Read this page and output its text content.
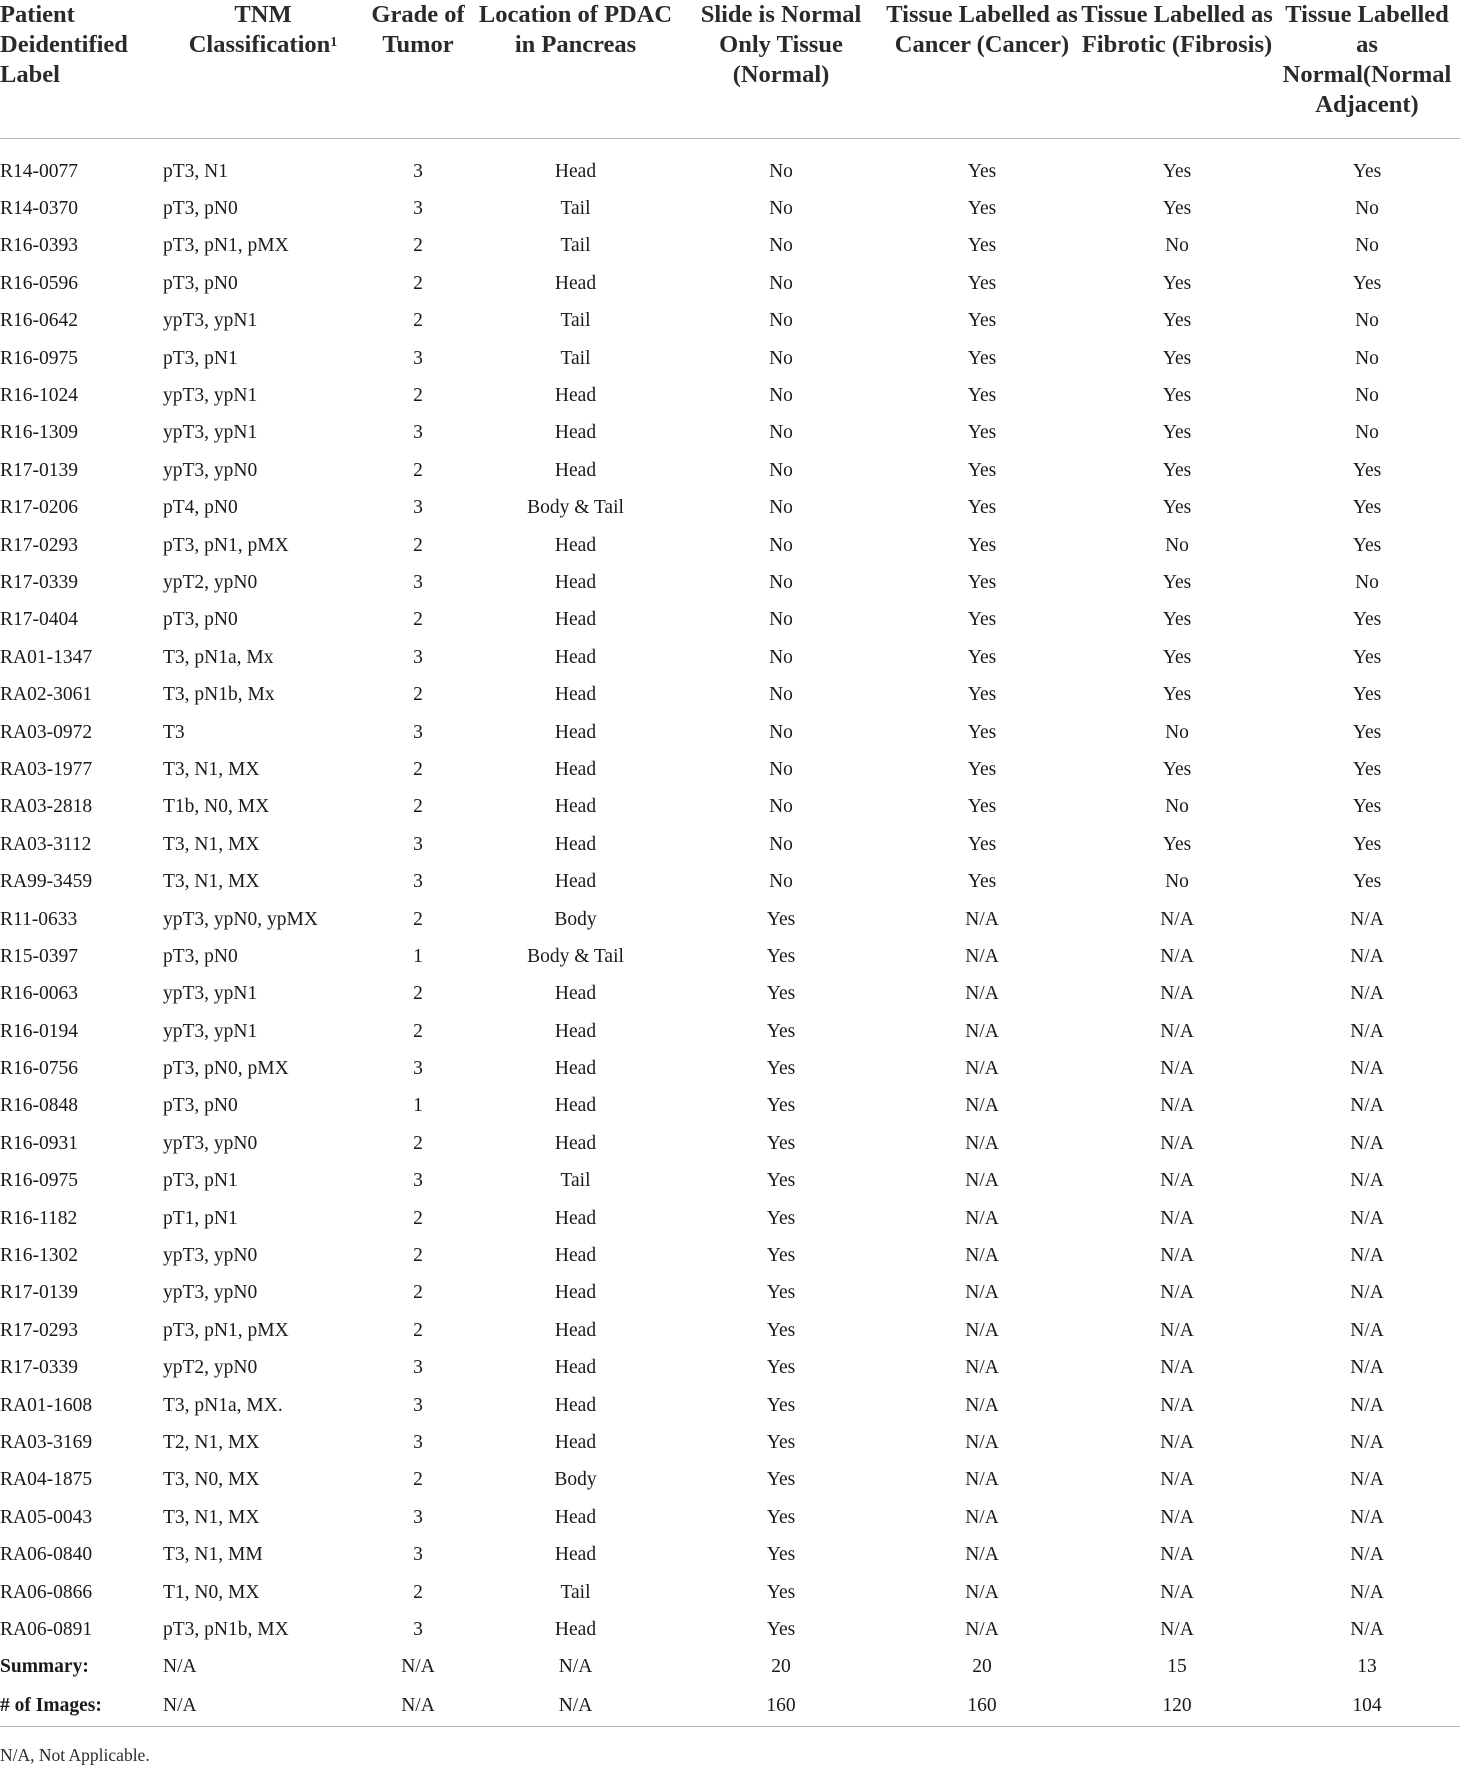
Patient Deidentified Label	TNM Classification$^1$	Grade of Tumor	Location of PDAC in Pancreas	Slide is Normal Only Tissue (Normal)	Tissue Labelled as Cancer (Cancer)	Tissue Labelled as Fibrotic (Fibrosis)	Tissue Labelled as Normal(Normal Adjacent)

R14-0077	pT3, N1	3	Head	No	Yes	Yes	Yes
R14-0370	pT3, pN0	3	Tail	No	Yes	Yes	No
R16-0393	pT3, pN1, pMX	2	Tail	No	Yes	No	No
R16-0596	pT3, pN0	2	Head	No	Yes	Yes	Yes
R16-0642	ypT3, ypN1	2	Tail	No	Yes	Yes	No
R16-0975	pT3, pN1	3	Tail	No	Yes	Yes	No
R16-1024	ypT3, ypN1	2	Head	No	Yes	Yes	No
R16-1309	ypT3, ypN1	3	Head	No	Yes	Yes	No
R17-0139	ypT3, ypN0	2	Head	No	Yes	Yes	Yes
R17-0206	pT4, pN0	3	Body & Tail	No	Yes	Yes	Yes
R17-0293	pT3, pN1, pMX	2	Head	No	Yes	No	Yes
R17-0339	ypT2, ypN0	3	Head	No	Yes	Yes	No
R17-0404	pT3, pN0	2	Head	No	Yes	Yes	Yes
RA01-1347	T3, pN1a, Mx	3	Head	No	Yes	Yes	Yes
RA02-3061	T3, pN1b, Mx	2	Head	No	Yes	Yes	Yes
RA03-0972	T3	3	Head	No	Yes	No	Yes
RA03-1977	T3, N1, MX	2	Head	No	Yes	Yes	Yes
RA03-2818	T1b, N0, MX	2	Head	No	Yes	No	Yes
RA03-3112	T3, N1, MX	3	Head	No	Yes	Yes	Yes
RA99-3459	T3, N1, MX	3	Head	No	Yes	No	Yes
R11-0633	ypT3, ypN0, ypMX	2	Body	Yes	N/A	N/A	N/A
R15-0397	pT3, pN0	1	Body & Tail	Yes	N/A	N/A	N/A
R16-0063	ypT3, ypN1	2	Head	Yes	N/A	N/A	N/A
R16-0194	ypT3, ypN1	2	Head	Yes	N/A	N/A	N/A
R16-0756	pT3, pN0, pMX	3	Head	Yes	N/A	N/A	N/A
R16-0848	pT3, pN0	1	Head	Yes	N/A	N/A	N/A
R16-0931	ypT3, ypN0	2	Head	Yes	N/A	N/A	N/A
R16-0975	pT3, pN1	3	Tail	Yes	N/A	N/A	N/A
R16-1182	pT1, pN1	2	Head	Yes	N/A	N/A	N/A
R16-1302	ypT3, ypN0	2	Head	Yes	N/A	N/A	N/A
R17-0139	ypT3, ypN0	2	Head	Yes	N/A	N/A	N/A
R17-0293	pT3, pN1, pMX	2	Head	Yes	N/A	N/A	N/A
R17-0339	ypT2, ypN0	3	Head	Yes	N/A	N/A	N/A
RA01-1608	T3, pN1a, MX.	3	Head	Yes	N/A	N/A	N/A
RA03-3169	T2, N1, MX	3	Head	Yes	N/A	N/A	N/A
RA04-1875	T3, N0, MX	2	Body	Yes	N/A	N/A	N/A
RA05-0043	T3, N1, MX	3	Head	Yes	N/A	N/A	N/A
RA06-0840	T3, N1, MM	3	Head	Yes	N/A	N/A	N/A
RA06-0866	T1, N0, MX	2	Tail	Yes	N/A	N/A	N/A
RA06-0891	pT3, pN1b, MX	3	Head	Yes	N/A	N/A	N/A
Summary:	N/A	N/A	N/A	20	20	15	13
# of Images:	N/A	N/A	N/A	160	160	120	104
N/A, Not Applicable.
